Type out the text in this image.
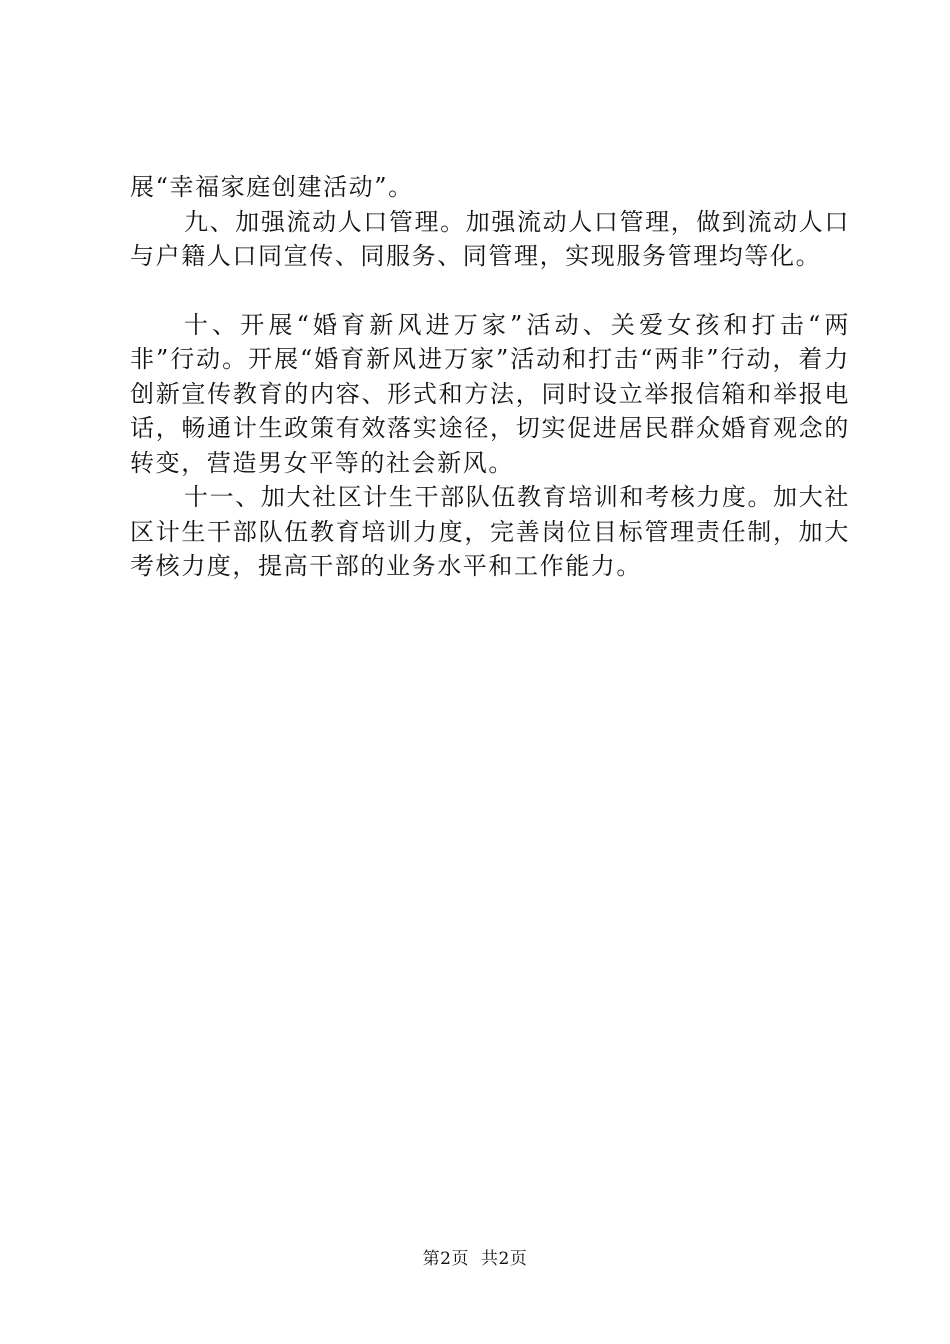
展“幸福家庭创建活动”。

九、加强流动人口管理。加强流动人口管理，做到流动人口与户籍人口同宣传、同服务、同管理，实现服务管理均等化。

十、开展“婚育新风进万家”活动、关爱女孩和打击“两非”行动。开展“婚育新风进万家”活动和打击“两非”行动，着力创新宣传教育的内容、形式和方法，同时设立举报信箱和举报电话，畅通计生政策有效落实途径，切实促进居民群众婚育观念的转变，营造男女平等的社会新风。

十一、加大社区计生干部队伍教育培训和考核力度。加大社区计生干部队伍教育培训力度，完善岗位目标管理责任制，加大考核力度，提高干部的业务水平和工作能力。

第2页 共2页
